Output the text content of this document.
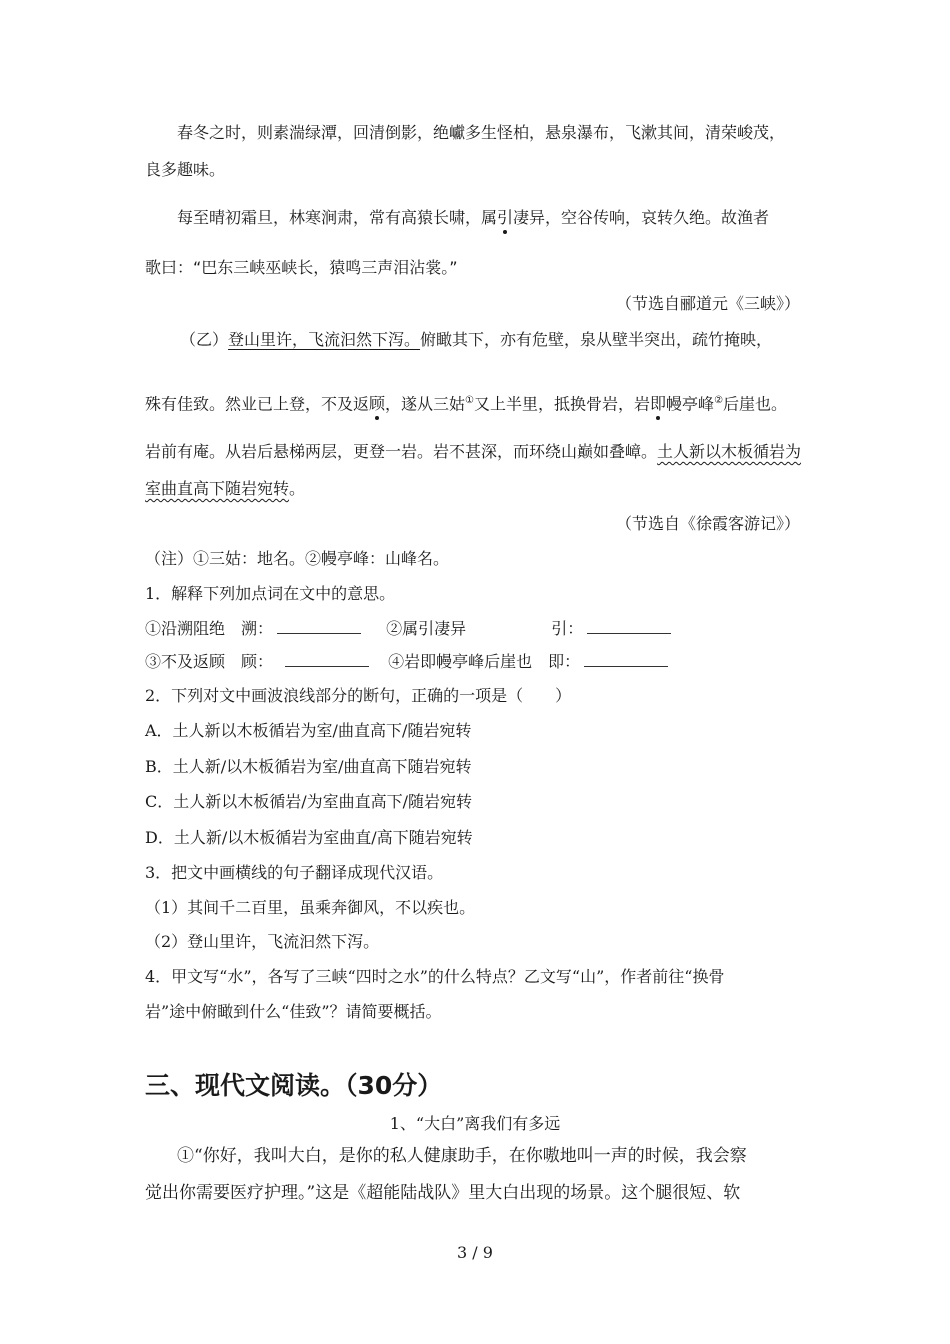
春冬之时，则素湍绿潭，回清倒影，绝巘多生怪柏，悬泉瀑布，飞漱其间，清荣峻茂，
良多趣味。
每至晴初霜旦，林寒涧肃，常有高猿长啸，属引凄异，空谷传响，哀转久绝。故渔者
歌曰：“巴东三峡巫峡长，猿鸣三声泪沾裳。”
（节选自郦道元《三峡》）
（乙）登山里许，飞流汩然下泻。俯瞰其下，亦有危壁，泉从壁半突出，疏竹掩映，
殊有佳致。然业已上登，不及返顾，遂从三姑①又上半里，抵换骨岩，岩即幔亭峰②后崖也。
岩前有庵。从岩后悬梯两层，更登一岩。岩不甚深，而环绕山巅如叠嶂。土人新以木板循岩为
室曲直高下随岩宛转。
（节选自《徐霞客游记》）
（注）①三姑：地名。②幔亭峰：山峰名。
1．解释下列加点词在文中的意思。
①沿溯阻绝　溯：	②属引凄异	引：
③不及返顾　顾：	④岩即幔亭峰后崖也　即：
2．下列对文中画波浪线部分的断句，正确的一项是（　　）
A．土人新以木板循岩为室/曲直高下/随岩宛转
B．土人新/以木板循岩为室/曲直高下随岩宛转
C．土人新以木板循岩/为室曲直高下/随岩宛转
D．土人新/以木板循岩为室曲直/高下随岩宛转
3．把文中画横线的句子翻译成现代汉语。
（1）其间千二百里，虽乘奔御风，不以疾也。
（2）登山里许，飞流汩然下泻。
4．甲文写“水”，各写了三峡“四时之水”的什么特点？乙文写“山”，作者前往“换骨
岩”途中俯瞰到什么“佳致”？请简要概括。
三、现代文阅读。（30分）
1、“大白”离我们有多远
①“你好，我叫大白，是你的私人健康助手，在你嗷地叫一声的时候，我会察
觉出你需要医疗护理。”这是《超能陆战队》里大白出现的场景。这个腿很短、软
3 / 9
